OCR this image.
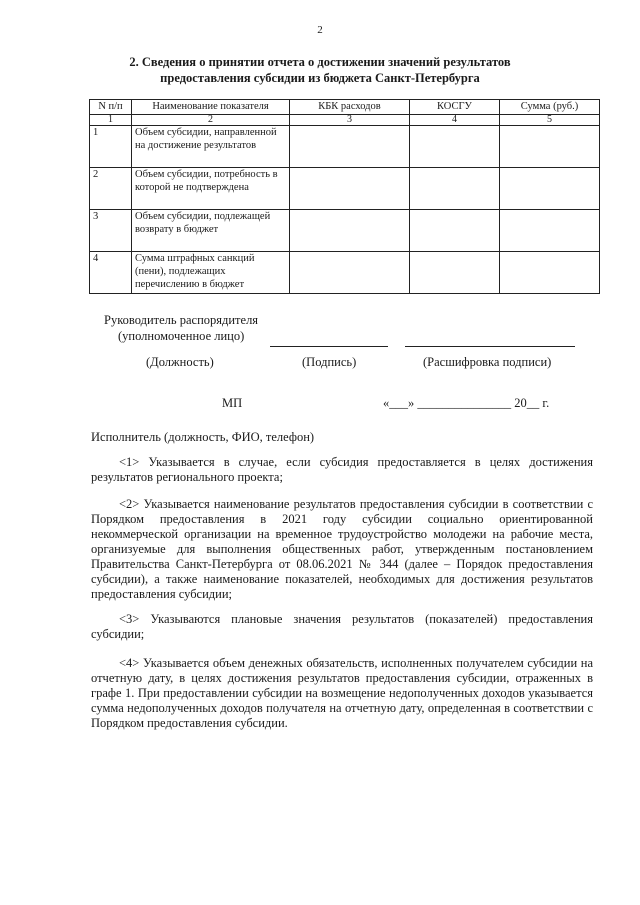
2
2. Сведения о принятии отчета о достижении значений результатов
предоставления субсидии из бюджета Санкт-Петербурга
N п/п	Наименование показателя	КБК расходов	КОСГУ	Сумма (руб.)
1	2	3	4	5
1	Объем субсидии, направленной на достижение результатов			
2	Объем субсидии, потребность в которой не подтверждена			
3	Объем субсидии, подлежащей возврату в бюджет			
4	Сумма штрафных санкций (пени), подлежащих перечислению в бюджет			
Руководитель распорядителя
(уполномоченное лицо)
(Должность)	(Подпись)	(Расшифровка подписи)
МП	«___» _______________ 20__ г.
Исполнитель (должность, ФИО, телефон)
<1> Указывается в случае, если субсидия предоставляется в целях достижения результатов регионального проекта;
<2> Указывается наименование результатов предоставления субсидии в соответствии с Порядком предоставления в 2021 году субсидии социально ориентированной некоммерческой организации на временное трудоустройство молодежи на рабочие места, организуемые для выполнения общественных работ, утвержденным постановлением Правительства Санкт-Петербурга от 08.06.2021 № 344 (далее – Порядок предоставления субсидии), а также наименование показателей, необходимых для достижения результатов предоставления субсидии;
<3> Указываются плановые значения результатов (показателей) предоставления субсидии;
<4> Указывается объем денежных обязательств, исполненных получателем субсидии на отчетную дату, в целях достижения результатов предоставления субсидии, отраженных в графе 1. При предоставлении субсидии на возмещение недополученных доходов указывается сумма недополученных доходов получателя на отчетную дату, определенная в соответствии с Порядком предоставления субсидии.
